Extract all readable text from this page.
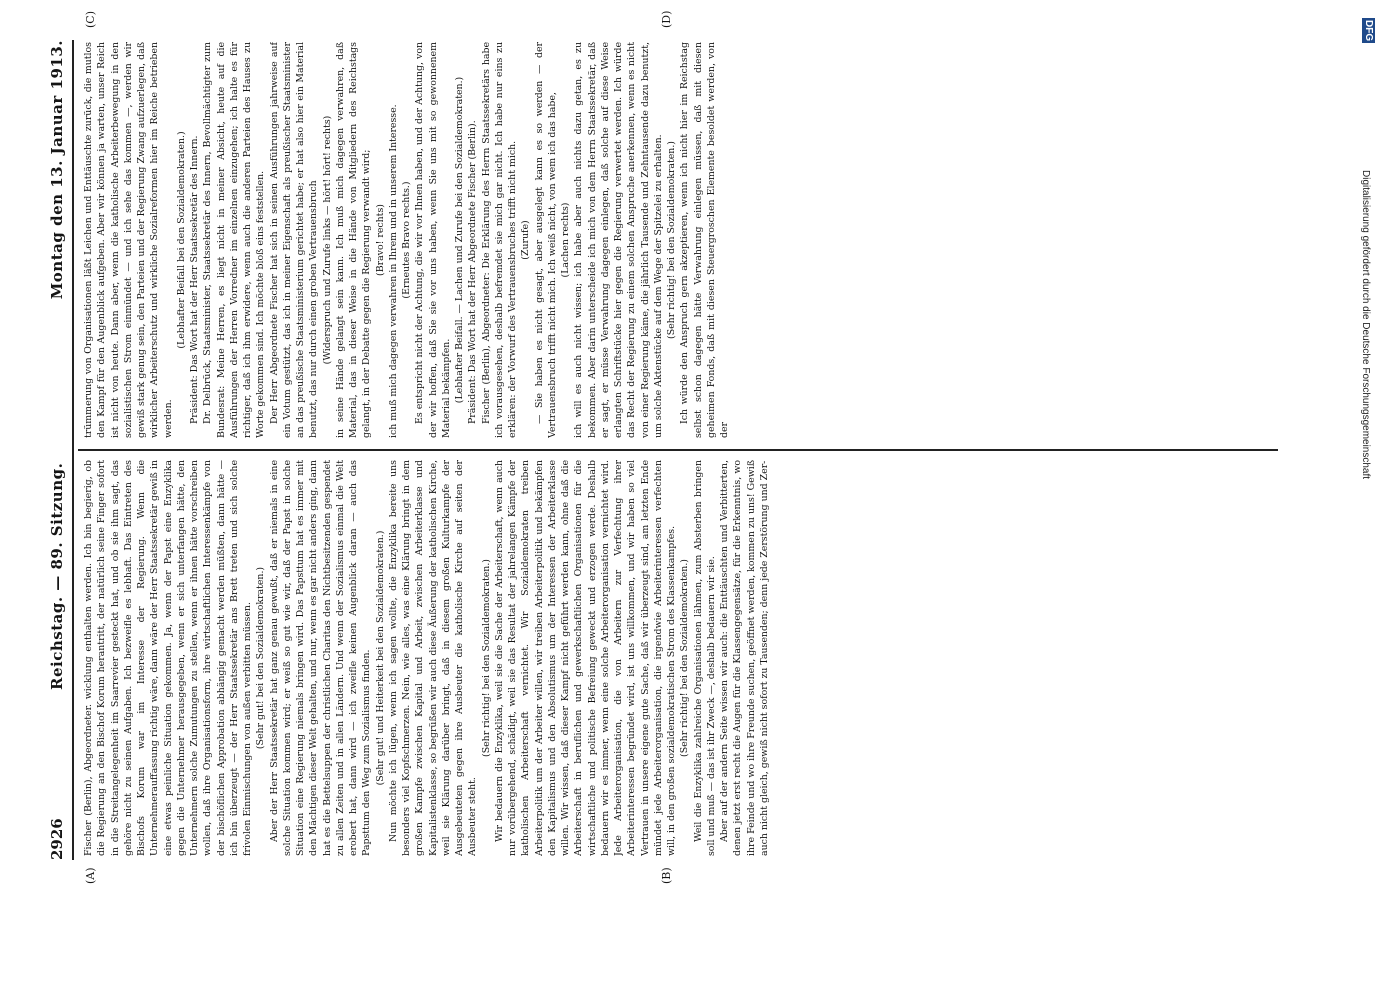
2926
Reichstag. — 89. Sitzung.
Montag den 13. Januar 1913.
(A)	(B)
(C)	(D)

Fischer (Berlin), Abgeordneter. wicklung enthalten werden. Ich bin begierig, ob die Regierung an den Bischof Korum herantritt, der natürlich seine Finger sofort in die Streitangelegenheit im Saarrevier gesteckt hat, und ob sie ihm sagt, das gehöre nicht zu seinen Aufgaben. Ich bezweifle es lebhaft. Das Eintreten des Bischofs Korum war im Interesse der Regierung. Wenn die Unternehmerauffassung richtig wäre, dann wäre der Herr Staatssekretär gewiß in eine etwas peinliche Situation gekommen. Ja, wenn der Papst eine Enzyklika gegen die Unternehmer herausgegeben, wenn er sich unterfangen hätte, den Unternehmern solche Zumutungen zu stellen, wenn er ihnen hätte vorschreiben wollen, daß ihre Organisationsform, ihre wirtschaftlichen Interessenkämpfe von der bischöflichen Approbation abhängig gemacht werden müßten, dann hätte — ich bin überzeugt — der Herr Staatssekretär ans Brett treten und sich solche frivolen Einmischungen von außen verbitten müssen. (Sehr gut! bei den Sozialdemokraten.) Aber der Herr Staatssekretär hat ganz genau gewußt, daß er niemals in eine solche Situation kommen wird; er weiß so gut wie wir, daß der Papst in solche Situation eine Regierung niemals bringen wird. Das Papsttum hat es immer mit den Mächtigen dieser Welt gehalten, und nur, wenn es gar nicht anders ging, dann hat es die Bettelsuppen der christlichen Charitas den Nichtbesitzenden gespendet zu allen Zeiten und in allen Ländern. Und wenn der Sozialismus einmal die Welt erobert hat, dann wird — ich zweifle keinen Augenblick daran — auch das Papsttum den Weg zum Sozialismus finden. (Sehr gut! und Heiterkeit bei den Sozialdemokraten.) Nun möchte ich lügen, wenn ich sagen wollte, die Enzyklika bereite uns besonders viel Kopfschmerzen. Nein, wie alles, was eine Klärung bringt in dem großen Kampfe zwischen Kapital und Arbeit, zwischen Arbeiterklasse und Kapitalistenklasse, so begrüßen wir auch diese Äußerung der katholischen Kirche, weil sie Klärung darüber bringt, daß in diesem großen Kulturkampfe der Ausgebeuteten gegen ihre Ausbeuter die katholische Kirche auf seiten der Ausbeuter steht.

(Sehr richtig! bei den Sozialdemokraten.) Wir bedauern die Enzyklika, weil sie die Sache der Arbeiterschaft, wenn auch nur vorübergehend, schädigt, weil sie das Resultat der jahrelangen Kämpfe der katholischen Arbeiterschaft vernichtet. Wir Sozialdemokraten treiben Arbeiterpolitik um der Arbeiter willen, wir treiben Arbeiterpolitik und bekämpfen den Kapitalismus und den Absolutismus um der Interessen der Arbeiterklasse willen. Wir wissen, daß dieser Kampf nicht geführt werden kann, ohne daß die Arbeiterschaft in beruflichen und gewerkschaftlichen Organisationen für die wirtschaftliche und politische Befreiung geweckt und erzogen werde. Deshalb bedauern wir es immer, wenn eine solche Arbeiterorganisation vernichtet wird. Jede Arbeiterorganisation, die von Arbeitern zur Verfechtung ihrer Arbeiterinteressen begründet wird, ist uns willkommen, und wir haben so viel Vertrauen in unsere eigene gute Sache, daß wir überzeugt sind, am letzten Ende mündet jede Arbeiterorganisation, die irgendwie Arbeiterinteressen verfechten will, in den großen sozialdemokratischen Strom des Klassenkampfes. (Sehr richtig! bei den Sozialdemokraten.) Weil die Enzyklika zahlreiche Organisationen lähmen, zum Absterben bringen soll und muß — das ist ihr Zweck —, deshalb bedauern wir sie. Aber auf der andern Seite wissen wir auch: die Enttäuschten und Verbitterten, denen jetzt erst recht die Augen für die Klassengegensätze, für die Erkenntnis, wo ihre Feinde und wo ihre Freunde suchen, geöffnet werden, kommen zu uns! Gewiß auch nicht gleich, gewiß nicht sofort zu Tausenden; denn jede Zerstörung und Zer-

trümmerung von Organisationen läßt Leichen und Enttäuschte zurück, die mutlos den Kampf für den Augenblick aufgeben. Aber wir können ja warten, unser Reich ist nicht von heute. Dann aber, wenn die katholische Arbeiterbewegung in den sozialistischen Strom einmündet — und ich sehe das kommen —, werden wir gewiß stark genug sein, den Parteien und der Regierung Zwang aufzuerlegen, daß wirklicher Arbeiterschutz und wirkliche Sozialreformen hier im Reiche betrieben werden.

(Lebhafter Beifall bei den Sozialdemokraten.) Präsident: Das Wort hat der Herr Staatssekretär des Innern. Dr. Delbrück, Staatsminister, Staatssekretär des Innern, Bevollmächtigter zum Bundesrat: Meine Herren, es liegt nicht in meiner Absicht, heute auf die Ausführungen der Herren Vorredner im einzelnen einzugehen; ich halte es für richtiger, daß ich ihm erwidere, wenn auch die anderen Parteien des Hauses zu Worte gekommen sind. Ich möchte bloß eins feststellen. Der Herr Abgeordnete Fischer hat sich in seinen Ausführungen jahrweise auf ein Votum gestützt, das ich in meiner Eigenschaft als preußischer Staatsminister an das preußische Staatsministerium gerichtet habe; er hat also hier ein Material benutzt, das nur durch einen groben Vertrauensbruch (Widerspruch und Zurufe links — hört! hört! rechts) in seine Hände gelangt sein kann. Ich muß mich dagegen verwahren, daß Material, das in dieser Weise in die Hände von Mitgliedern des Reichstags gelangt, in der Debatte gegen die Regierung verwandt wird; (Bravo! rechts) ich muß mich dagegen verwahren in Ihrem und in unserem Interesse. (Erneutes Bravo rechts.) Es entspricht nicht der Achtung, die wir vor Ihnen haben, und der Achtung, von der wir hoffen, daß Sie sie vor uns haben, wenn Sie uns mit so gewonnenem Material bekämpfen. (Lebhafter Beifall. — Lachen und Zurufe bei den Sozialdemokraten.) Präsident: Das Wort hat der Herr Abgeordnete Fischer (Berlin). Fischer (Berlin), Abgeordneter: Die Erklärung des Herrn Staatssekretärs habe ich vorausgesehen, deshalb befremdet sie mich gar nicht. Ich habe nur eins zu erklären: der Vorwurf des Vertrauensbruches trifft nicht mich. (Zurufe) — Sie haben es nicht gesagt, aber ausgelegt kann es so werden — der Vertrauensbruch trifft nicht mich. Ich weiß nicht, von wem ich das habe, (Lachen rechts) ich will es auch nicht wissen; ich habe aber auch nichts dazu getan, es zu bekommen. Aber darin unterscheide ich mich von dem Herrn Staatssekretär, daß er sagt, er müsse Verwahrung dagegen einlegen, daß solche auf diese Weise erlangten Schriftstücke hier gegen die Regierung verwertet werden. Ich würde das Recht der Regierung zu einem solchen Anspruche anerkennen, wenn es nicht von einer Regierung käme, die jährlich Tausende und Zehntausende dazu benutzt, um solche Aktenstücke auf dem Wege der Spitzelei zu erhalten. (Sehr richtig! bei den Sozialdemokraten.) Ich würde den Anspruch gern akzeptieren, wenn ich nicht hier im Reichstag selbst schon dagegen hätte Verwahrung einlegen müssen, daß mit diesen geheimen Fonds, daß mit diesen Steuergroschen Elemente besoldet werden, von der

DFG
Digitalisierung gefördert durch die Deutsche Forschungsgemeinschaft
